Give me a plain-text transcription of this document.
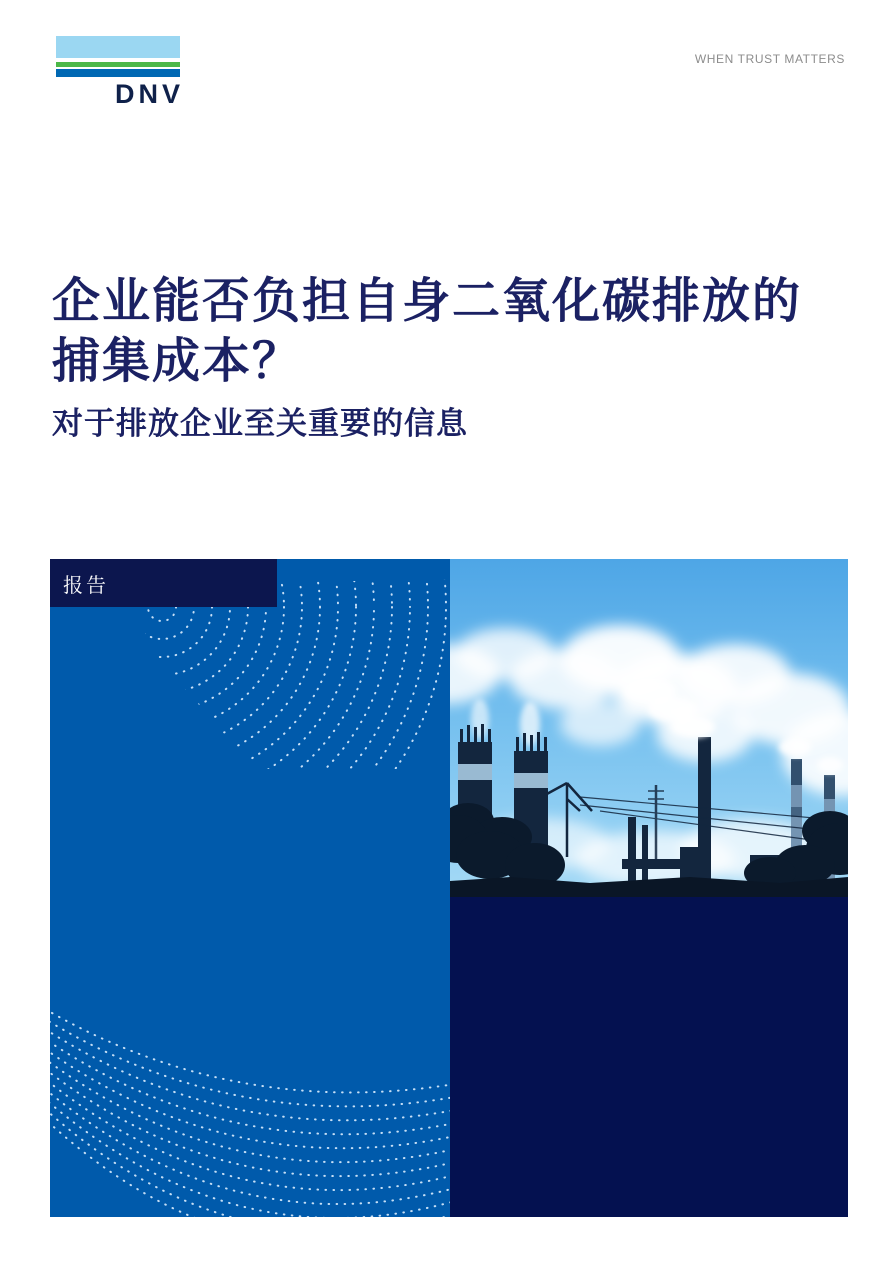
DNV
WHEN TRUST MATTERS
企业能否负担自身二氧化碳排放的
捕集成本？
对于排放企业至关重要的信息
报告
